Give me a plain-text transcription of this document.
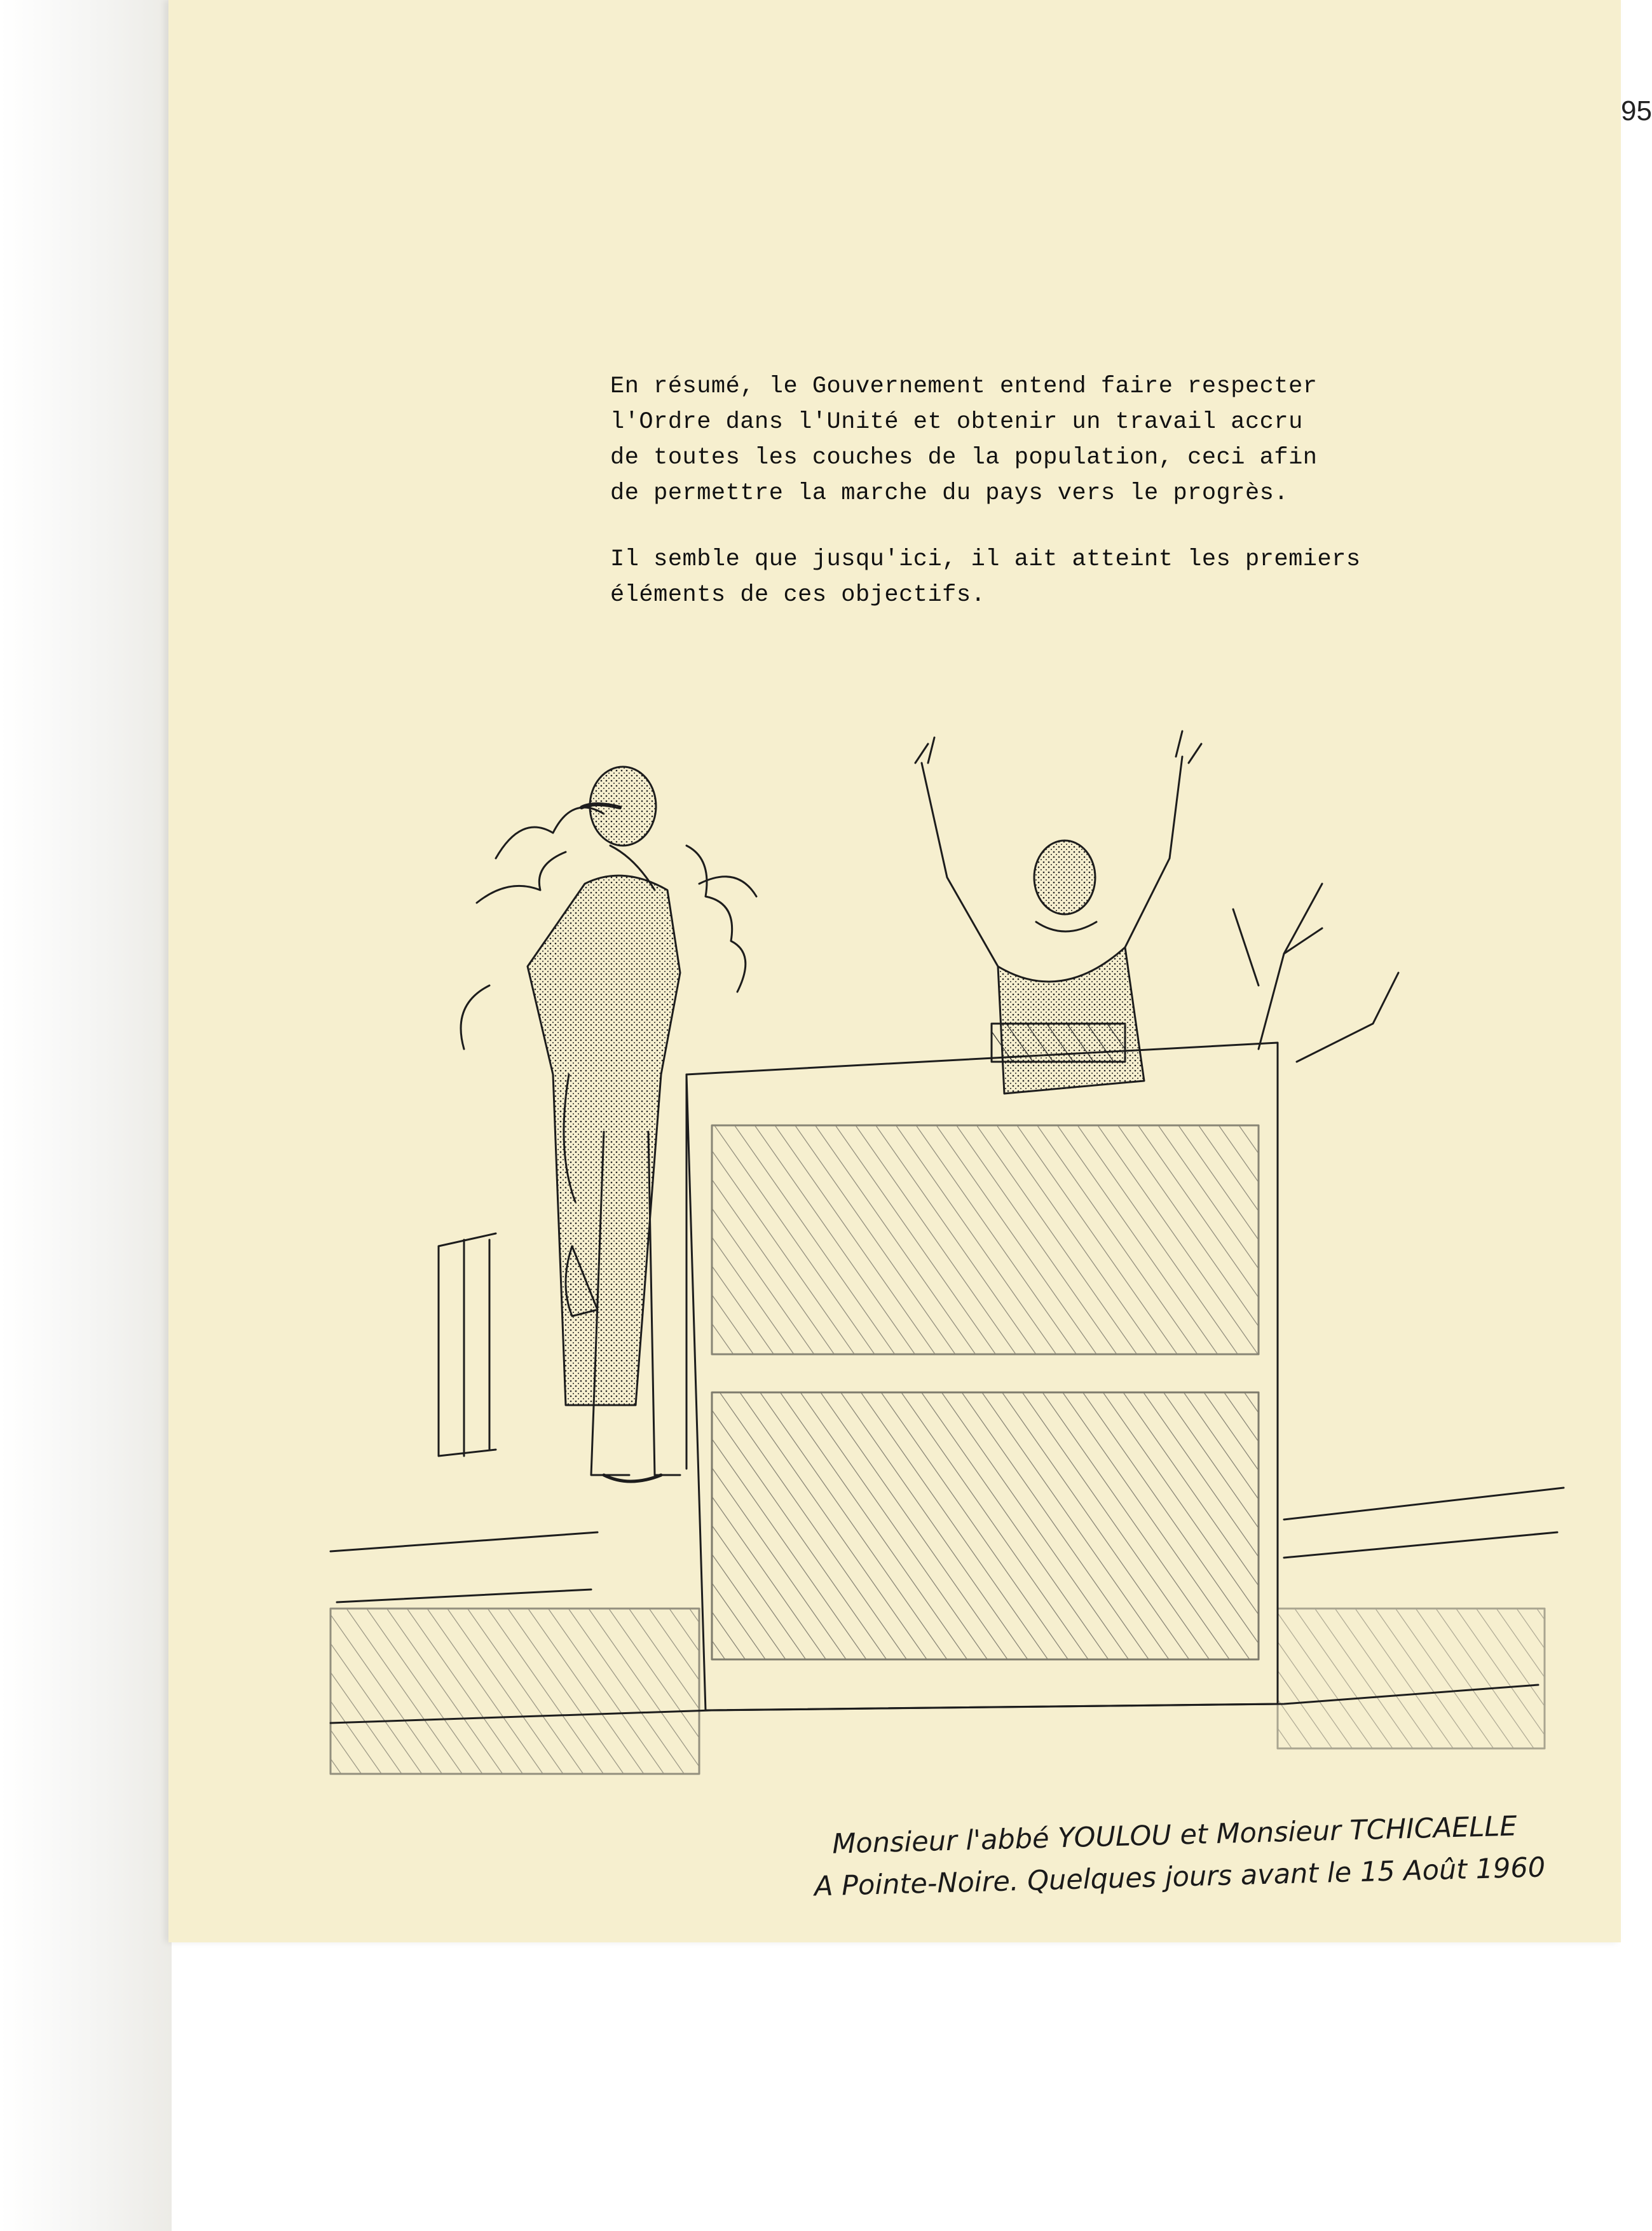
95

En résumé, le Gouvernement entend faire respecter
l'Ordre dans l'Unité et obtenir un travail accru
de toutes les couches de la population, ceci afin
de permettre la marche du pays vers le progrès.

Il semble que jusqu'ici, il ait atteint les premiers
éléments de ces objectifs.

Monsieur l'abbé YOULOU et Monsieur TCHICAELLE
A Pointe-Noire. Quelques jours avant le 15 Août 1960
